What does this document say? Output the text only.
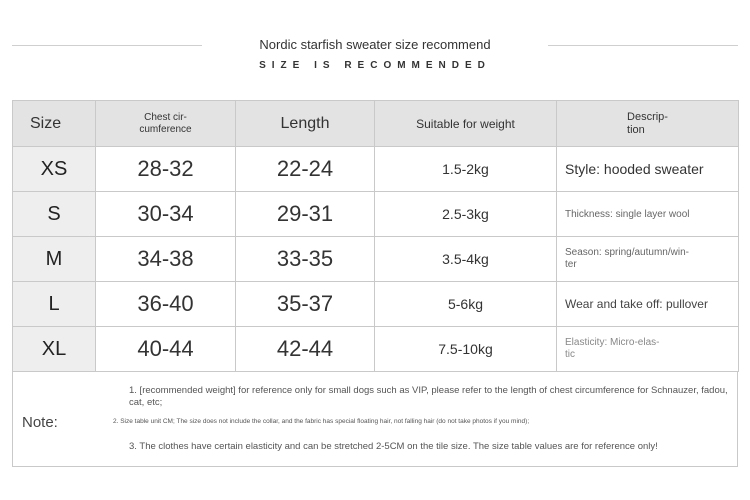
Nordic starfish sweater size recommend
SIZE IS RECOMMENDED
Size	Chest cir-
cumference	Length	Suitable for weight	Descrip-
tion
XS	28-32	22-24	1.5-2kg	Style: hooded sweater
S	30-34	29-31	2.5-3kg	Thickness: single layer wool
M	34-38	33-35	3.5-4kg	Season: spring/autumn/win-
ter
L	36-40	35-37	5-6kg	Wear and take off: pullover
XL	40-44	42-44	7.5-10kg	Elasticity: Micro-elas-
tic
Note:
1. [recommended weight] for reference only for small dogs such as VIP, please refer to the length of chest circumference for Schnauzer, fadou, cat, etc;
2. Size table unit CM; The size does not include the collar, and the fabric has special floating hair, not falling hair (do not take photos if you mind);
3. The clothes have certain elasticity and can be stretched 2-5CM on the tile size. The size table values are for reference only!
